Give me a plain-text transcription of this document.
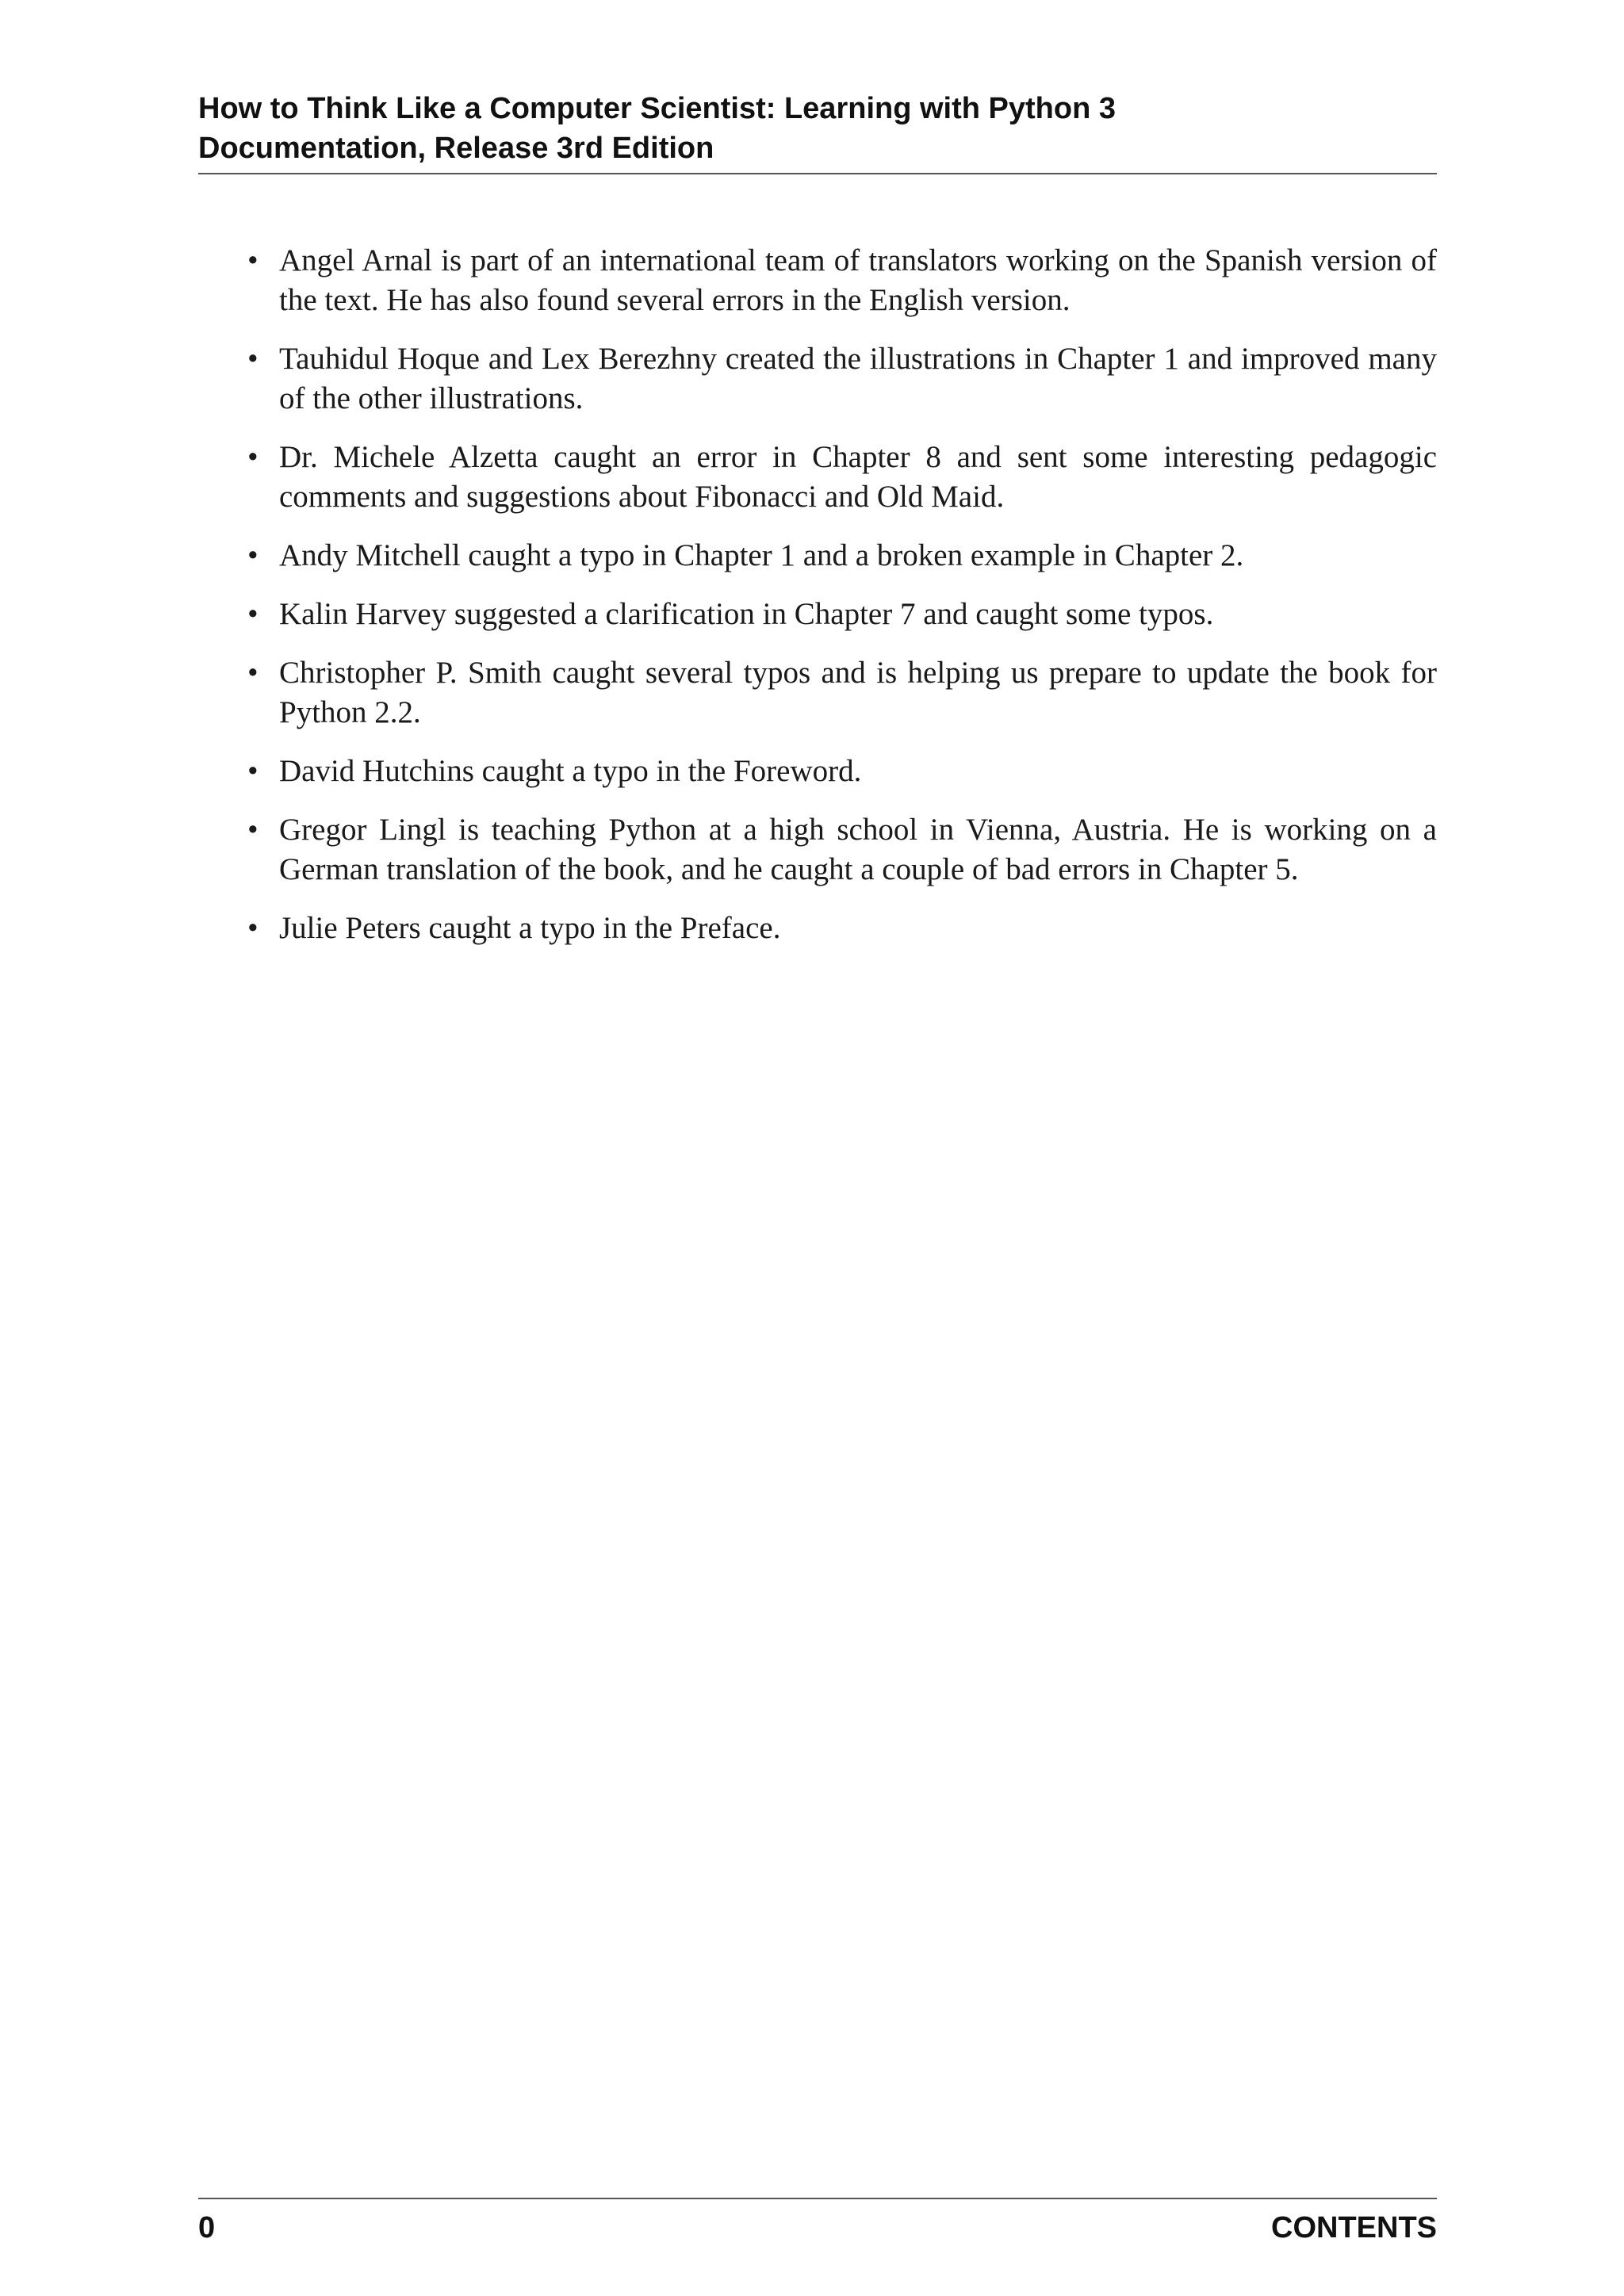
How to Think Like a Computer Scientist: Learning with Python 3
Documentation, Release 3rd Edition
• Angel Arnal is part of an international team of translators working on the Spanish version of the text. He has also found several errors in the English version.
• Tauhidul Hoque and Lex Berezhny created the illustrations in Chapter 1 and improved many of the other illustrations.
• Dr. Michele Alzetta caught an error in Chapter 8 and sent some interesting pedagogic comments and suggestions about Fibonacci and Old Maid.
• Andy Mitchell caught a typo in Chapter 1 and a broken example in Chapter 2.
• Kalin Harvey suggested a clarification in Chapter 7 and caught some typos.
• Christopher P. Smith caught several typos and is helping us prepare to update the book for Python 2.2.
• David Hutchins caught a typo in the Foreword.
• Gregor Lingl is teaching Python at a high school in Vienna, Austria. He is working on a German translation of the book, and he caught a couple of bad errors in Chapter 5.
• Julie Peters caught a typo in the Preface.
0	CONTENTS
